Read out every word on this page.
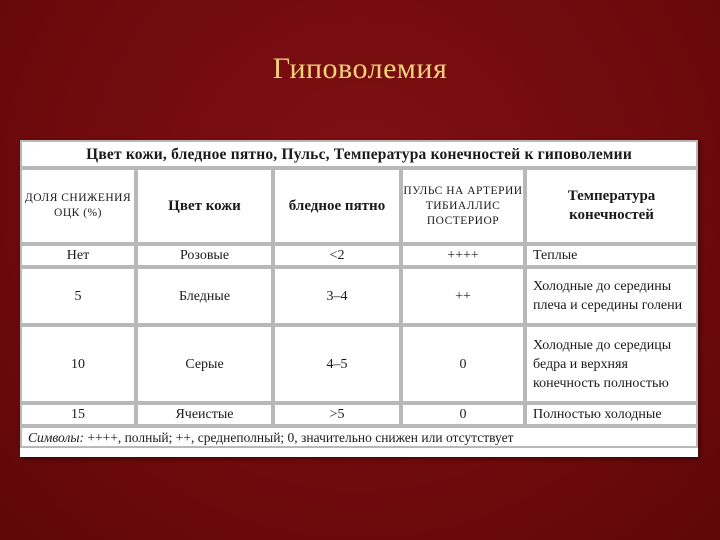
Гиповолемия
Цвет кожи, бледное пятно, Пульс, Температура конечностей к гиповолемии				
ДОЛЯ СНИЖЕНИЯ ОЦК (%)	Цвет кожи	бледное пятно	ПУЛЬС НА АРТЕРИИ ТИБИАЛЛИС ПОСТЕРИОР	Температура конечностей
Нет	Розовые	<2	++++	Теплые
5	Бледные	3–4	++	Холодные до середины плеча и середины голени
10	Серые	4–5	0	Холодные до середицы бедра и верхняя конечность полностью
15	Ячеистые	>5	0	Полностью холодные
Символы: ++++, полный; ++, среднеполный; 0, значительно снижен или отсутствует				
